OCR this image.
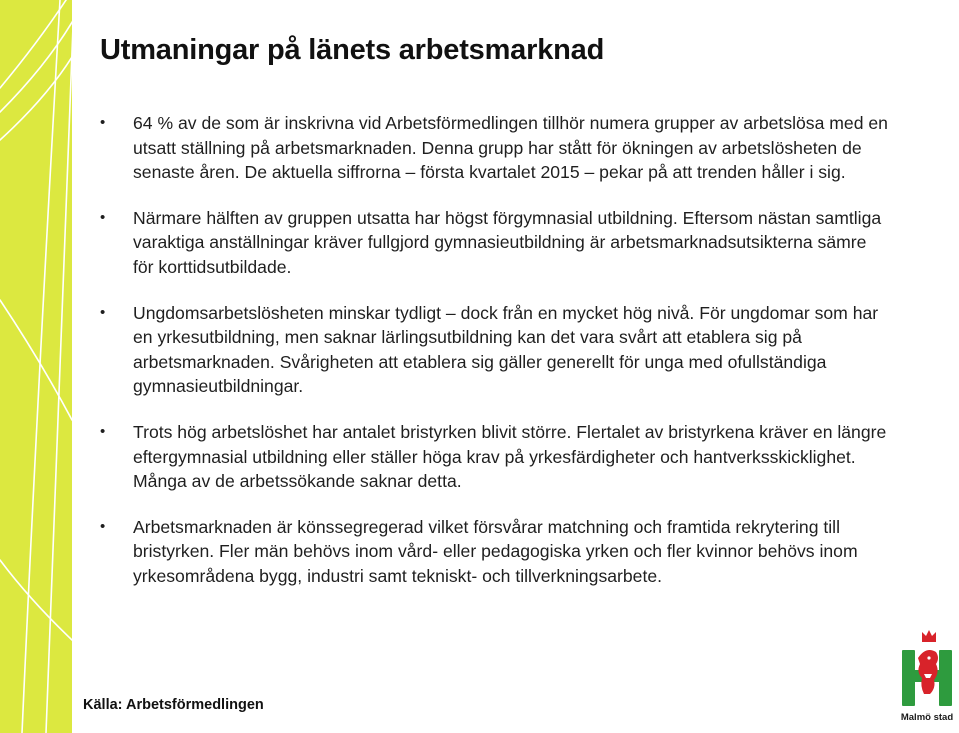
Utmaningar på länets arbetsmarknad
• 64 % av de som är inskrivna vid Arbetsförmedlingen tillhör numera grupper av arbetslösa med en utsatt ställning på arbetsmarknaden. Denna grupp har stått för ökningen av arbetslösheten de senaste åren. De aktuella siffrorna – första kvartalet 2015 – pekar på att trenden håller i sig.
• Närmare hälften av gruppen utsatta har högst förgymnasial utbildning. Eftersom nästan samtliga varaktiga anställningar kräver fullgjord gymnasieutbildning är arbetsmarknadsutsikterna sämre för korttidsutbildade.
• Ungdomsarbetslösheten minskar tydligt – dock från en mycket hög nivå. För ungdomar som har en yrkesutbildning, men saknar lärlingsutbildning kan det vara svårt att etablera sig på arbetsmarknaden. Svårigheten att etablera sig gäller generellt för unga med ofullständiga gymnasieutbildningar.
• Trots hög arbetslöshet har antalet bristyrken blivit större. Flertalet av bristyrkena kräver en längre eftergymnasial utbildning eller ställer höga krav på yrkesfärdigheter och hantverksskicklighet. Många av de arbetssökande saknar detta.
• Arbetsmarknaden är könssegregerad vilket försvårar matchning och framtida rekrytering till bristyrken. Fler män behövs inom vård- eller pedagogiska yrken och fler kvinnor behövs inom yrkesområdena bygg, industri samt tekniskt- och tillverkningsarbete.
Källa: Arbetsförmedlingen
Malmö stad
